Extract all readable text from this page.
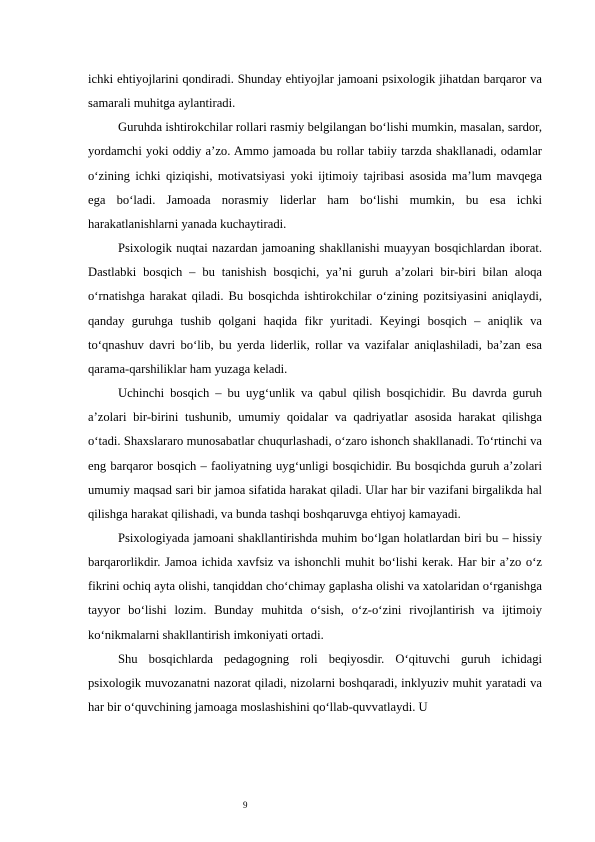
ichki ehtiyojlarini qondiradi. Shunday ehtiyojlar jamoani psixologik jihatdan barqaror va samarali muhitga aylantiradi.

Guruhda ishtirokchilar rollari rasmiy belgilangan bo‘lishi mumkin, masalan, sardor, yordamchi yoki oddiy a’zo. Ammo jamoada bu rollar tabiiy tarzda shakllanadi, odamlar o‘zining ichki qiziqishi, motivatsiyasi yoki ijtimoiy tajribasi asosida ma’lum mavqega ega bo‘ladi. Jamoada norasmiy liderlar ham bo‘lishi mumkin, bu esa ichki harakatlanishlarni yanada kuchaytiradi.

Psixologik nuqtai nazardan jamoaning shakllanishi muayyan bosqichlardan iborat. Dastlabki bosqich – bu tanishish bosqichi, ya’ni guruh a’zolari bir-biri bilan aloqa o‘rnatishga harakat qiladi. Bu bosqichda ishtirokchilar o‘zining pozitsiyasini aniqlaydi, qanday guruhga tushib qolgani haqida fikr yuritadi. Keyingi bosqich – aniqlik va to‘qnashuv davri bo‘lib, bu yerda liderlik, rollar va vazifalar aniqlashiladi, ba’zan esa qarama-qarshiliklar ham yuzaga keladi.

Uchinchi bosqich – bu uyg‘unlik va qabul qilish bosqichidir. Bu davrda guruh a’zolari bir-birini tushunib, umumiy qoidalar va qadriyatlar asosida harakat qilishga o‘tadi. Shaxslararo munosabatlar chuqurlashadi, o‘zaro ishonch shakllanadi. To‘rtinchi va eng barqaror bosqich – faoliyatning uyg‘unligi bosqichidir. Bu bosqichda guruh a’zolari umumiy maqsad sari bir jamoa sifatida harakat qiladi. Ular har bir vazifani birgalikda hal qilishga harakat qilishadi, va bunda tashqi boshqaruvga ehtiyoj kamayadi.

Psixologiyada jamoani shakllantirishda muhim bo‘lgan holatlardan biri bu – hissiy barqarorlikdir. Jamoa ichida xavfsiz va ishonchli muhit bo‘lishi kerak. Har bir a’zo o‘z fikrini ochiq ayta olishi, tanqiddan cho‘chimay gaplasha olishi va xatolaridan o‘rganishga tayyor bo‘lishi lozim. Bunday muhitda o‘sish, o‘z-o‘zini rivojlantirish va ijtimoiy ko‘nikmalarni shakllantirish imkoniyati ortadi.

Shu bosqichlarda pedagogning roli beqiyosdir. O‘qituvchi guruh ichidagi psixologik muvozanatni nazorat qiladi, nizolarni boshqaradi, inklyuziv muhit yaratadi va har bir o‘quvchining jamoaga moslashishini qo‘llab-quvvatlaydi. U

9
